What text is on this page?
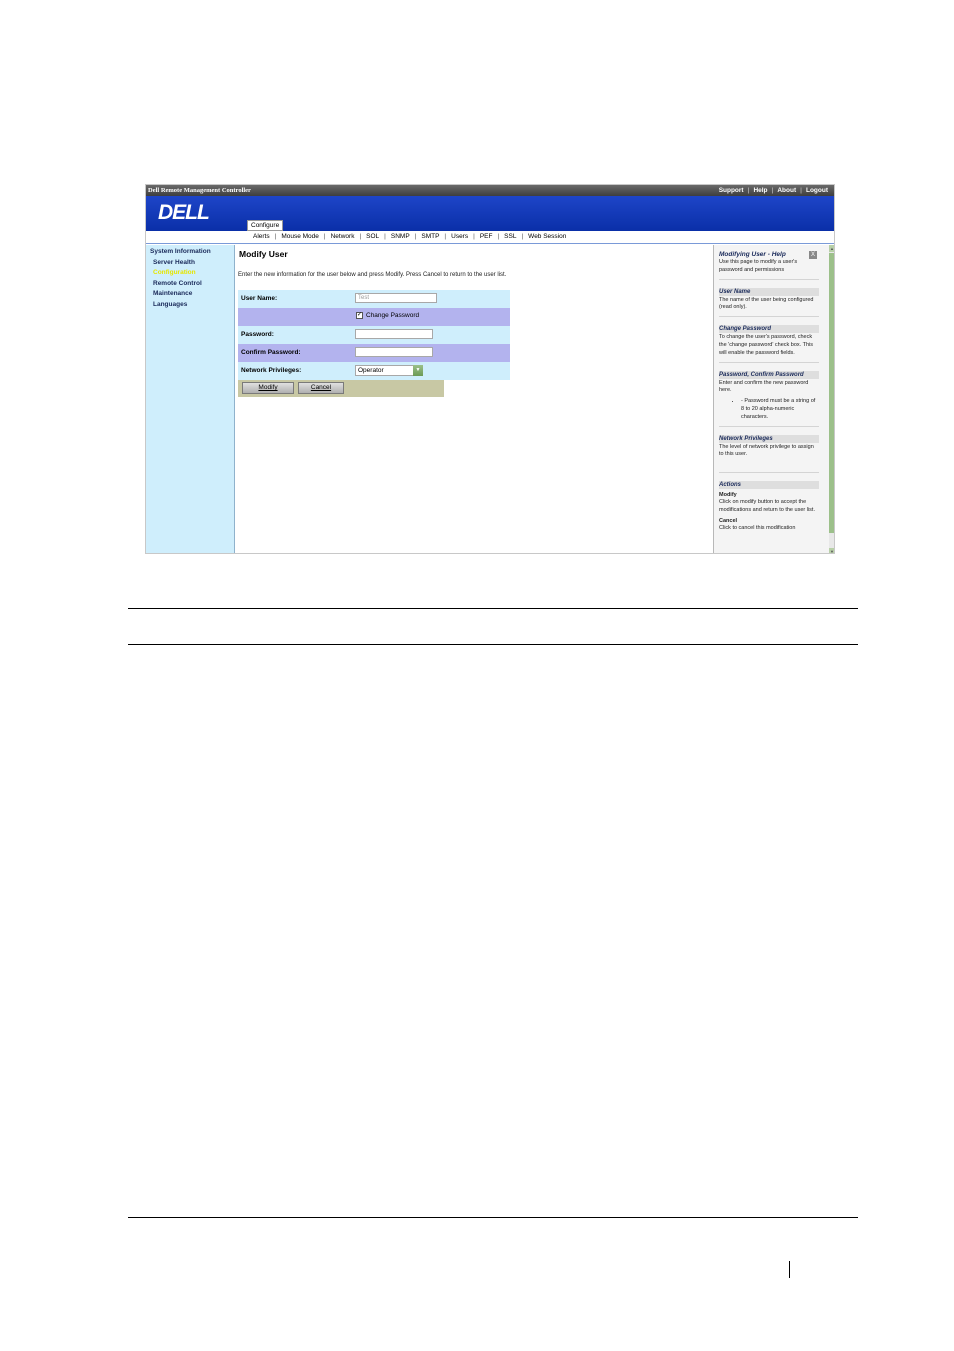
Dell Remote Management Controller	Support | Help | About | Logout
DELL
Configure
Alerts | Mouse Mode | Network | SOL | SNMP | SMTP | Users | PEF | SSL | Web Session
System Information
Server Health
Configuration
Remote Control
Maintenance
Languages
Modify User
Enter the new information for the user below and press Modify. Press Cancel to return to the user list.
User Name:	Test
✓ Change Password
Password:
Confirm Password:
Network Privileges:	Operator	▼
Modify	Cancel
Modifying User - Help	X

Use this page to modify a user's password and permissions

User Name

The name of the user being configured (read only).

Change Password

To change the user's password, check the 'change password' check box. This will enable the password fields.

Password, Confirm Password

Enter and confirm the new password here.

• - Password must be a string of 8 to 20 alpha-numeric characters.
Network Privileges

The level of network privilege to assign to this user.

Actions
Modify

Click on modify button to accept the modifications and return to the user list.

Cancel

Click to cancel this modification

▲
▼
